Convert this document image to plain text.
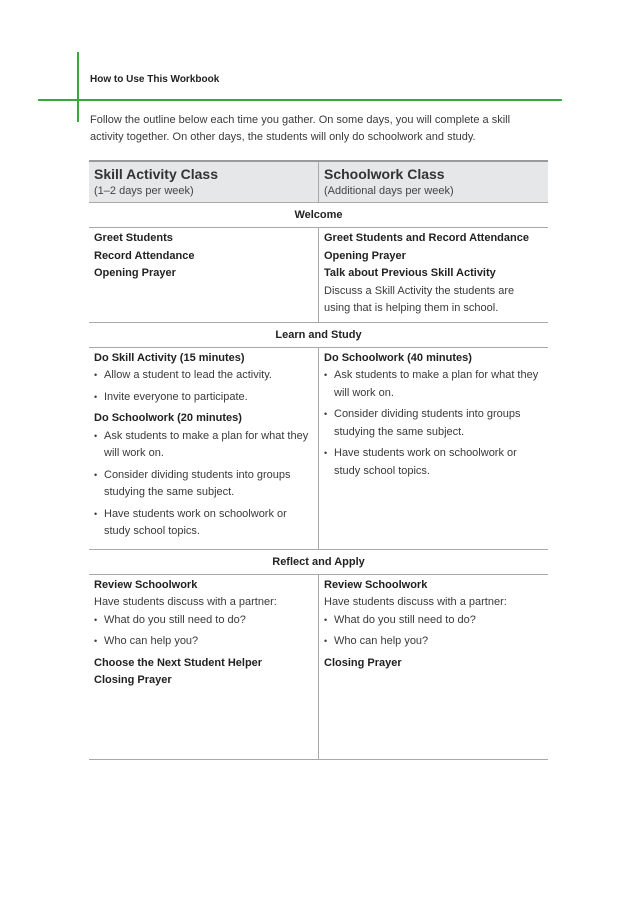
How to Use This Workbook
Follow the outline below each time you gather. On some days, you will complete a skill activity together. On other days, the students will only do schoolwork and study.
Skill Activity Class
(1–2 days per week)
Schoolwork Class
(Additional days per week)
Welcome
Greet Students
Record Attendance
Opening Prayer
Greet Students and Record Attendance
Opening Prayer
Talk about Previous Skill Activity
Discuss a Skill Activity the students are using that is helping them in school.
Learn and Study
Do Skill Activity (15 minutes)
• Allow a student to lead the activity.
• Invite everyone to participate.
Do Schoolwork (20 minutes)
• Ask students to make a plan for what they will work on.
• Consider dividing students into groups studying the same subject.
• Have students work on schoolwork or study school topics.
Do Schoolwork (40 minutes)
• Ask students to make a plan for what they will work on.
• Consider dividing students into groups studying the same subject.
• Have students work on schoolwork or study school topics.
Reflect and Apply
Review Schoolwork
Have students discuss with a partner:
• What do you still need to do?
• Who can help you?
Choose the Next Student Helper
Closing Prayer
Review Schoolwork
Have students discuss with a partner:
• What do you still need to do?
• Who can help you?
Closing Prayer
